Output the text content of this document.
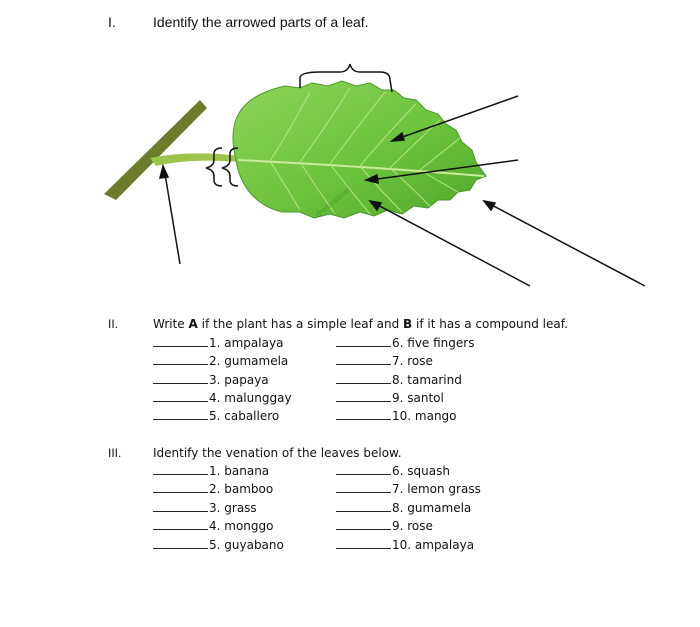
I.	Identify the arrowed parts of a leaf.
dreamstime
II.	Write A if the plant has a simple leaf and B if it has a compound leaf.
1. ampalaya
2. gumamela
3. papaya
4. malunggay
5. caballero
6. five fingers
7. rose
8. tamarind
9. santol
10. mango
III.	Identify the venation of the leaves below.
1. banana
2. bamboo
3. grass
4. monggo
5. guyabano
6. squash
7. lemon grass
8. gumamela
9. rose
10. ampalaya
